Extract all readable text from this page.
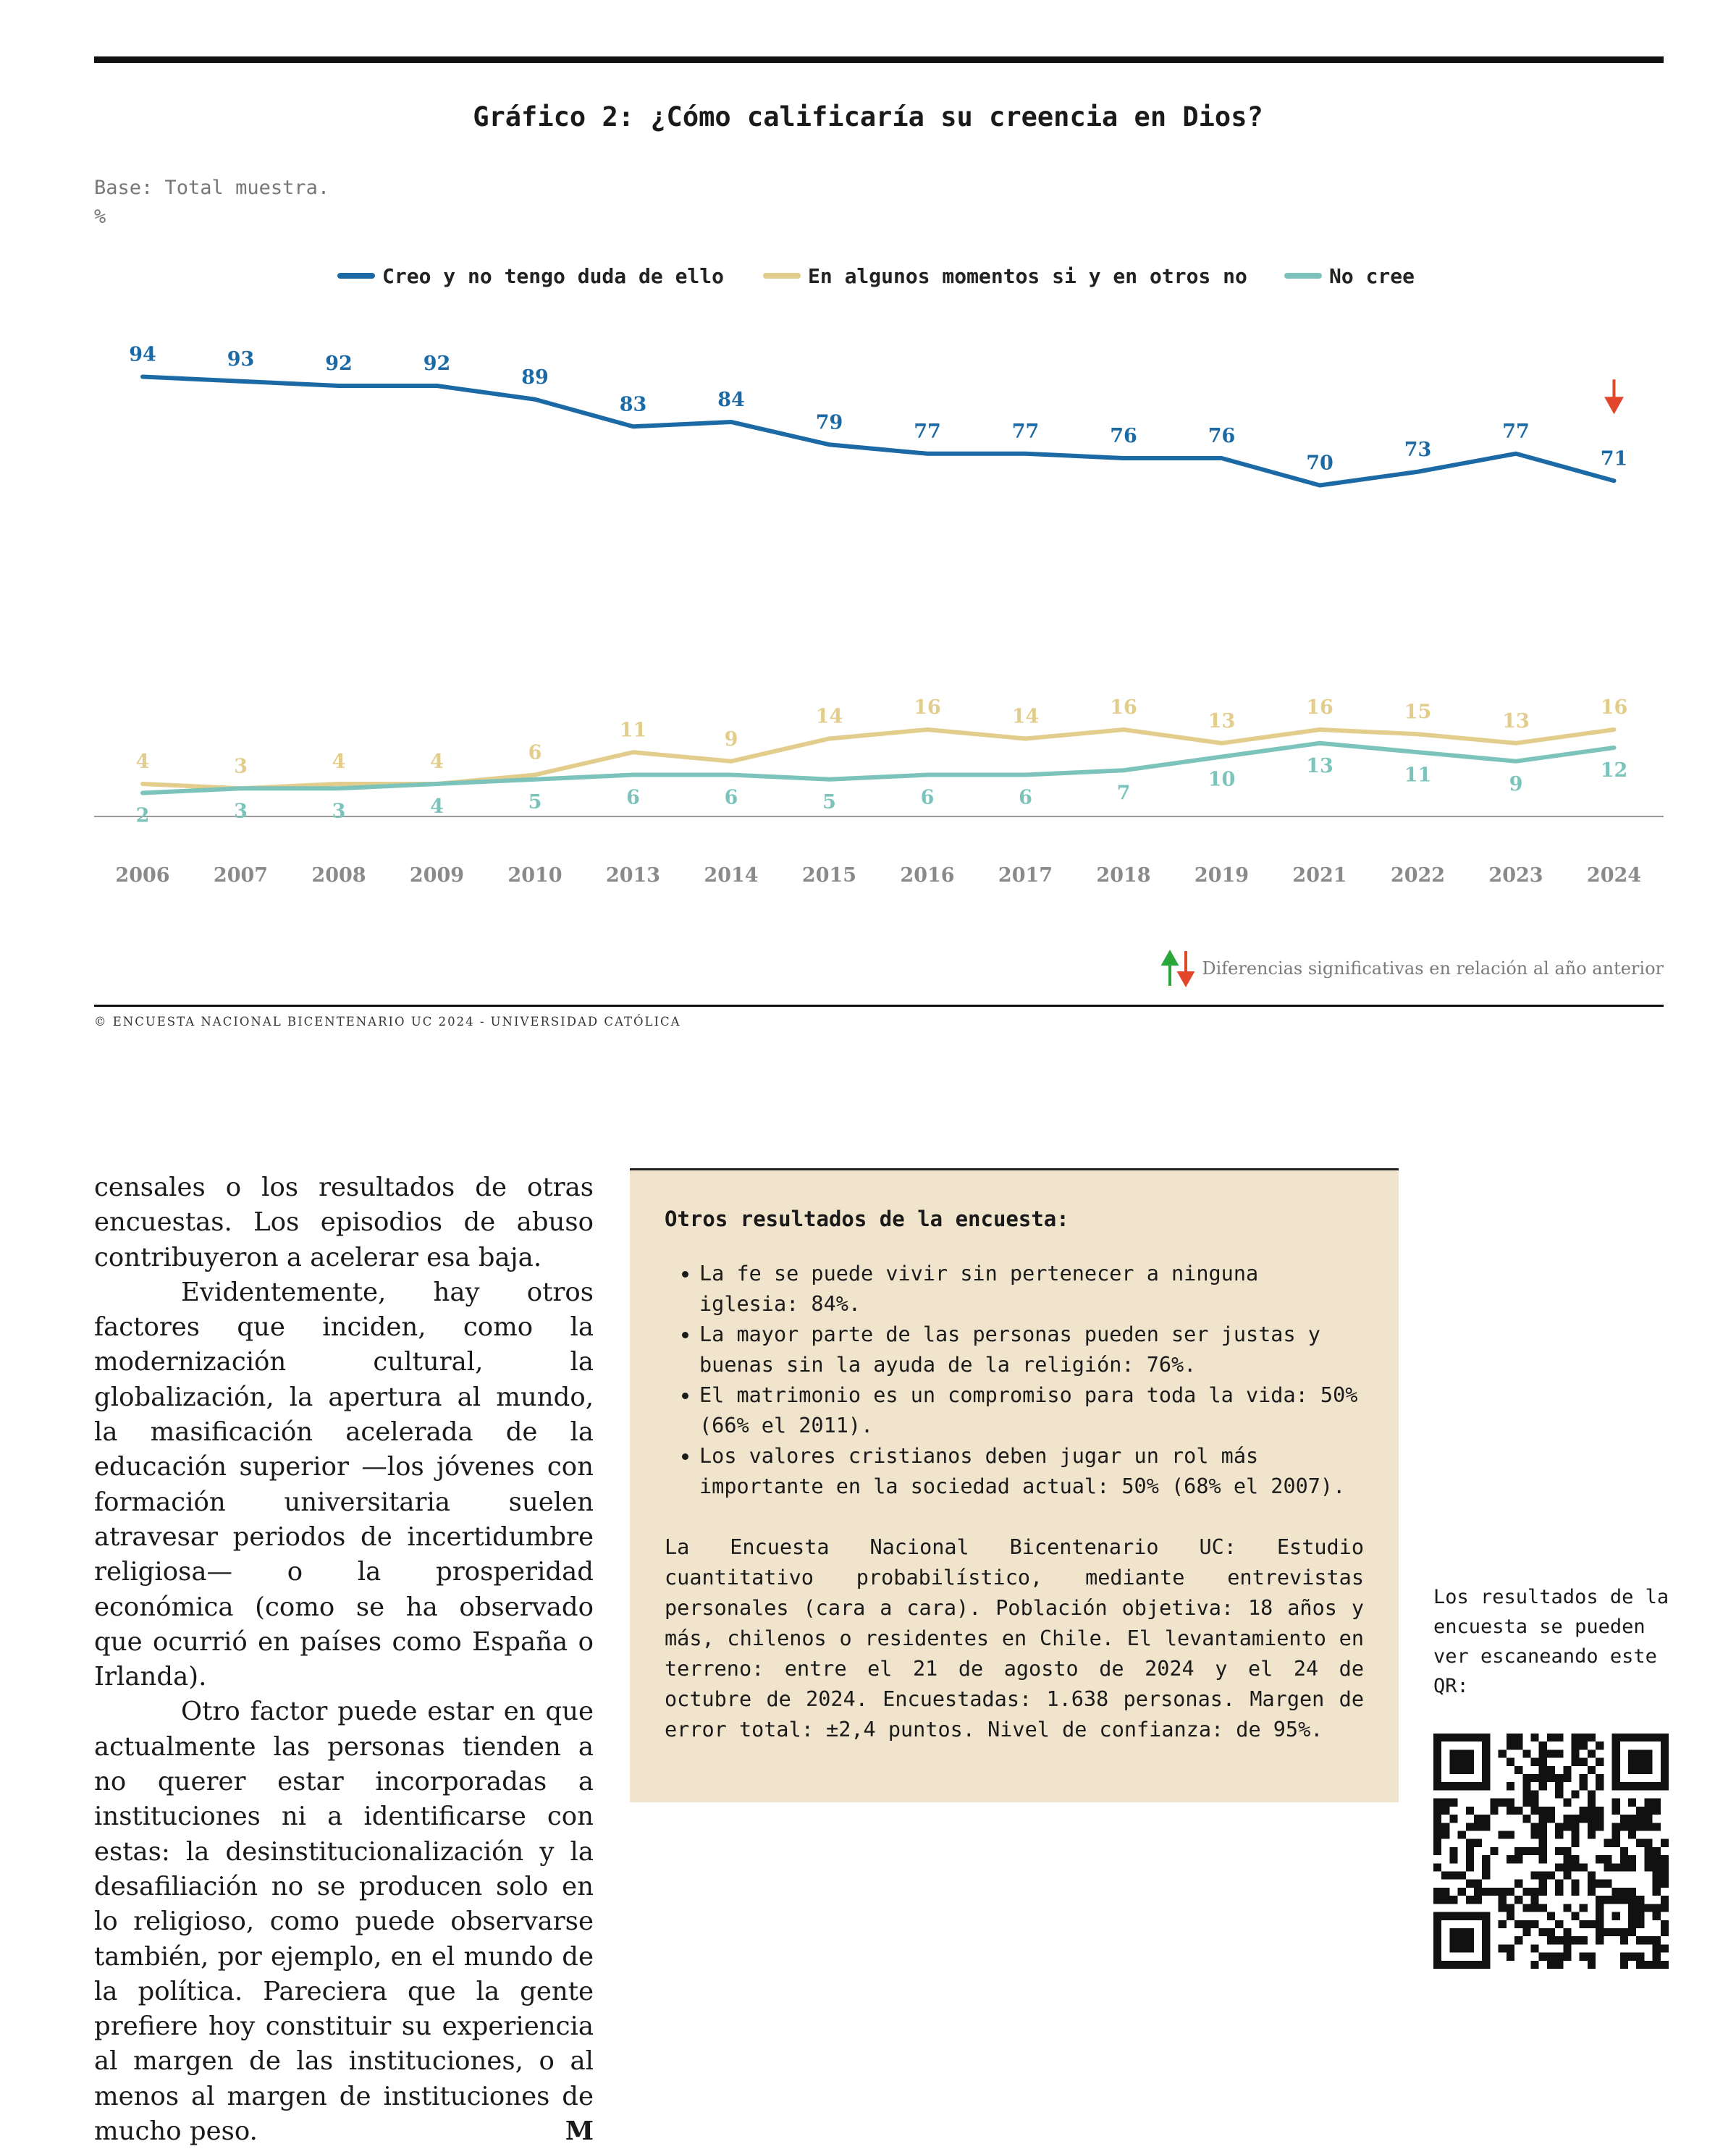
Gráfico 2: ¿Cómo calificaría su creencia en Dios?
Base: Total muestra.
%
Creo y no tengo duda de ello	En algunos momentos si y en otros no	No cree
94	93	92	92
89
83	84
79	77	77	76	76
70
73
77
71
4	3	4	4	6
11	9
14	16	14	16
13
16	15	13
16
2	3	3	4	5	6	6	5	6	6	7
10
13	11	9
12
2006 2007 2008 2009 2010 2013 2014 2015 2016 2017 2018 2019 2021 2022 2023 2024
Diferencias significativas en relación al año anterior
© ENCUESTA NACIONAL BICENTENARIO UC 2024 - UNIVERSIDAD CATÓLICA

censales o los resultados de otras encuestas. Los episodios de abuso contribuyeron a acelerar esa baja.

Evidentemente, hay otros factores que inciden, como la modernización cultural, la globalización, la apertura al mundo, la masificación acelerada de la educación superior —los jóvenes con formación universitaria suelen atravesar periodos de incertidumbre religiosa— o la prosperidad económica (como se ha observado que ocurrió en países como España o Irlanda).

Otro factor puede estar en que actualmente las personas tienden a no querer estar incorporadas a instituciones ni a identificarse con estas: la desinstitucionalización y la desafiliación no se producen solo en lo religioso, como puede observarse también, por ejemplo, en el mundo de la política. Pareciera que la gente prefiere hoy constituir su experiencia al margen de las instituciones, o al menos al margen de instituciones de mucho peso.	M

Otros resultados de la encuesta:
• La fe se puede vivir sin pertenecer a ninguna iglesia: 84%.
• La mayor parte de las personas pueden ser justas y buenas sin la ayuda de la religión: 76%.
• El matrimonio es un compromiso para toda la vida: 50% (66% el 2011).
• Los valores cristianos deben jugar un rol más importante en la sociedad actual: 50% (68% el 2007).
La Encuesta Nacional Bicentenario UC: Estudio cuantitativo probabilístico, mediante entrevistas personales (cara a cara). Población objetiva: 18 años y más, chilenos o residentes en Chile. El levantamiento en terreno: entre el 21 de agosto de 2024 y el 24 de octubre de 2024. Encuestadas: 1.638 personas. Margen de error total: ±2,4 puntos. Nivel de confianza: de 95%.
Los resultados de la encuesta se pueden ver escaneando este QR:
